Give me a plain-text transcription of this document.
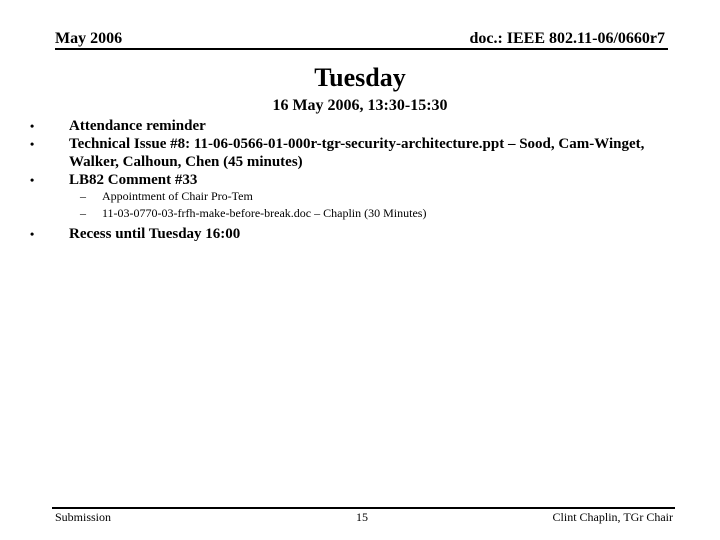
May 2006	doc.: IEEE 802.11-06/0660r7
Tuesday
16 May 2006, 13:30-15:30
•	Attendance reminder
•	Technical Issue #8: 11-06-0566-01-000r-tgr-security-architecture.ppt – Sood, Cam-Winget,
Walker, Calhoun, Chen (45 minutes)
•	LB82 Comment #33
– Appointment of Chair Pro-Tem
– 11-03-0770-03-frfh-make-before-break.doc – Chaplin (30 Minutes)
•	Recess until Tuesday 16:00
Submission	15	Clint Chaplin, TGr Chair
